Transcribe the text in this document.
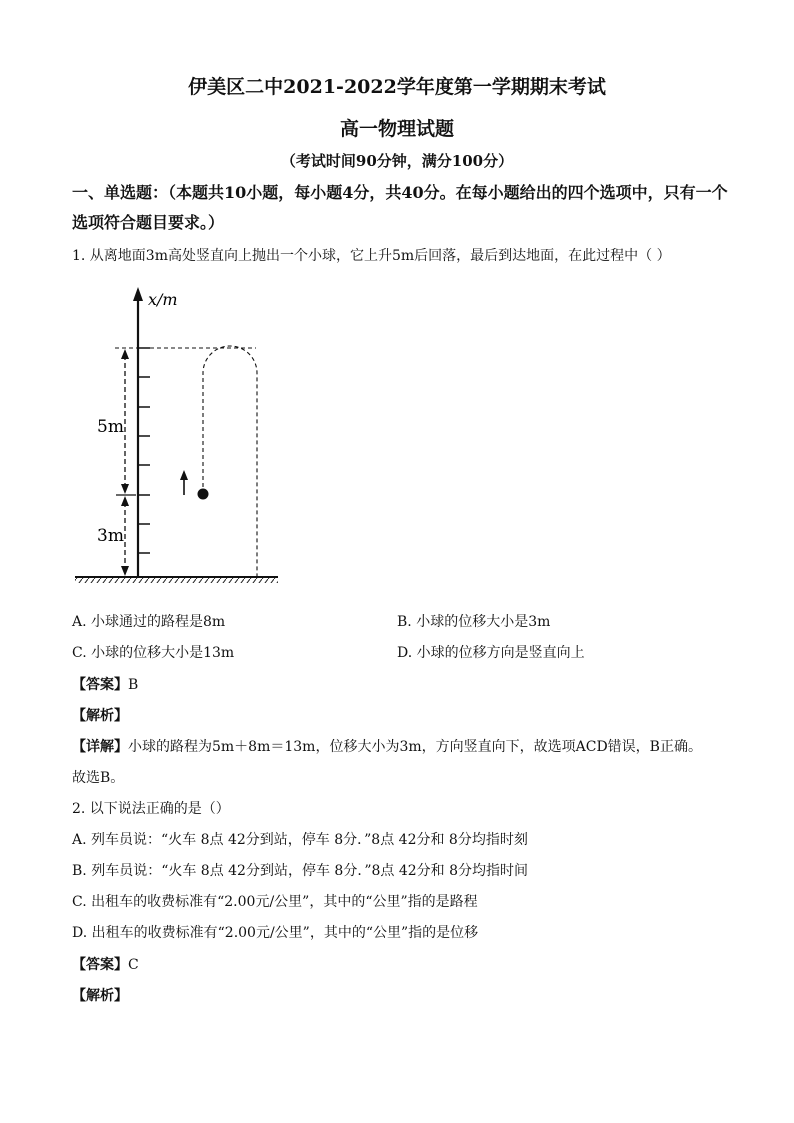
伊美区二中2021-2022学年度第一学期期末考试
高一物理试题
（考试时间90分钟，满分100分）
一、单选题：（本题共10小题，每小题4分，共40分。在每小题给出的四个选项中，只有一个选项符合题目要求。）
1. 从离地面3m高处竖直向上抛出一个小球，它上升5m后回落，最后到达地面，在此过程中（ ）
x/m
5m
3m
A. 小球通过的路程是8m	B. 小球的位移大小是3m
C. 小球的位移大小是13m	D. 小球的位移方向是竖直向上
【答案】B
【解析】
【详解】小球的路程为5m＋8m＝13m，位移大小为3m，方向竖直向下，故选项ACD错误，B正确。
故选B。
2. 以下说法正确的是（）
A. 列车员说：“火车 8点 42分到站，停车 8分．”8点 42分和 8分均指时刻
B. 列车员说：“火车 8点 42分到站，停车 8分．”8点 42分和 8分均指时间
C. 出租车的收费标准有“2.00元/公里”，其中的“公里”指的是路程
D. 出租车的收费标准有“2.00元/公里”，其中的“公里”指的是位移
【答案】C
【解析】
